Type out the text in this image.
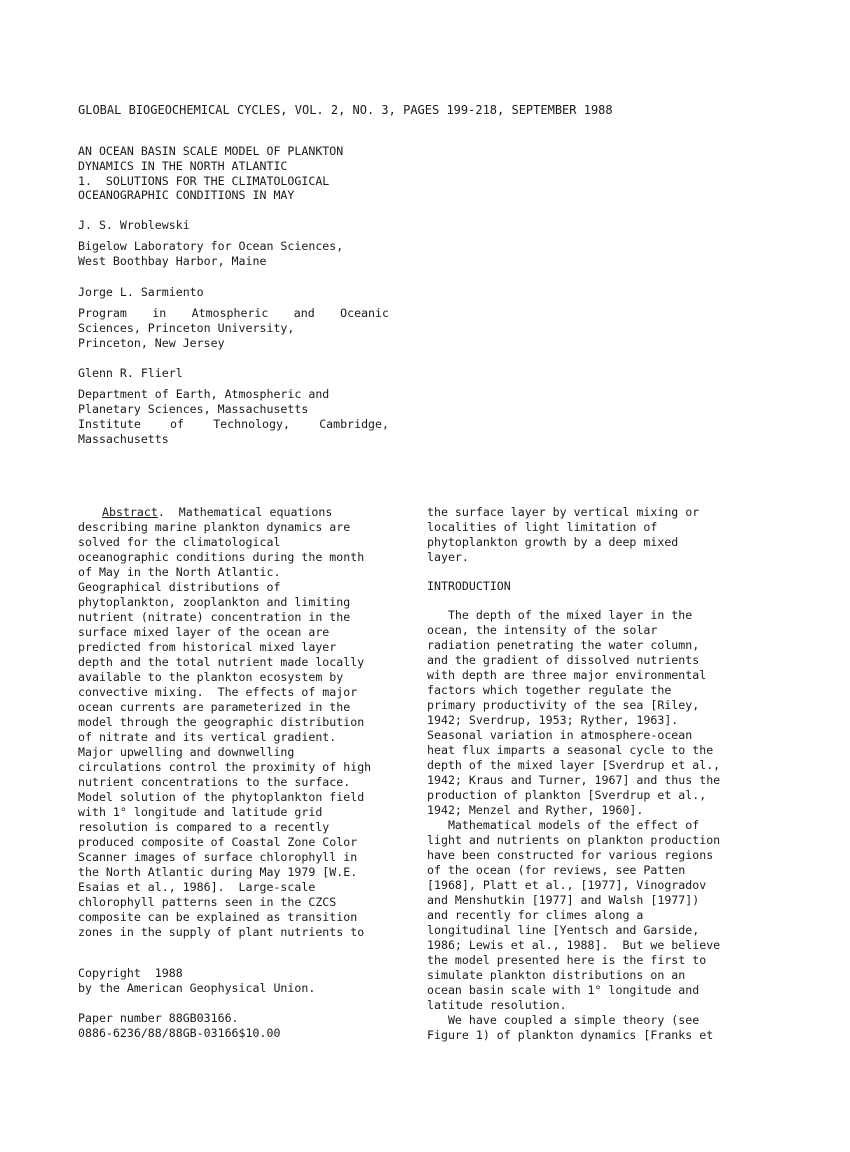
GLOBAL BIOGEOCHEMICAL CYCLES, VOL. 2, NO. 3, PAGES 199-218, SEPTEMBER 1988
AN OCEAN BASIN SCALE MODEL OF PLANKTON
DYNAMICS IN THE NORTH ATLANTIC
1.  SOLUTIONS FOR THE CLIMATOLOGICAL
OCEANOGRAPHIC CONDITIONS IN MAY
J. S. Wroblewski
Bigelow Laboratory for Ocean Sciences,
West Boothbay Harbor, Maine
Jorge L. Sarmiento
Program in Atmospheric and Oceanic
Sciences, Princeton University,
Princeton, New Jersey
Glenn R. Flierl
Department of Earth, Atmospheric and
Planetary Sciences, Massachusetts
Institute of Technology, Cambridge,
Massachusetts
Abstract.  Mathematical equations
describing marine plankton dynamics are
solved for the climatological
oceanographic conditions during the month
of May in the North Atlantic.
Geographical distributions of
phytoplankton, zooplankton and limiting
nutrient (nitrate) concentration in the
surface mixed layer of the ocean are
predicted from historical mixed layer
depth and the total nutrient made locally
available to the plankton ecosystem by
convective mixing.  The effects of major
ocean currents are parameterized in the
model through the geographic distribution
of nitrate and its vertical gradient.
Major upwelling and downwelling
circulations control the proximity of high
nutrient concentrations to the surface.
Model solution of the phytoplankton field
with 1° longitude and latitude grid
resolution is compared to a recently
produced composite of Coastal Zone Color
Scanner images of surface chlorophyll in
the North Atlantic during May 1979 [W.E.
Esaias et al., 1986].  Large-scale
chlorophyll patterns seen in the CZCS
composite can be explained as transition
zones in the supply of plant nutrients to
Copyright  1988
by the American Geophysical Union.
Paper number 88GB03166.
0886-6236/88/88GB-03166$10.00
the surface layer by vertical mixing or
localities of light limitation of
phytoplankton growth by a deep mixed
layer.
INTRODUCTION
The depth of the mixed layer in the
ocean, the intensity of the solar
radiation penetrating the water column,
and the gradient of dissolved nutrients
with depth are three major environmental
factors which together regulate the
primary productivity of the sea [Riley,
1942; Sverdrup, 1953; Ryther, 1963].
Seasonal variation in atmosphere-ocean
heat flux imparts a seasonal cycle to the
depth of the mixed layer [Sverdrup et al.,
1942; Kraus and Turner, 1967] and thus the
production of plankton [Sverdrup et al.,
1942; Menzel and Ryther, 1960].
Mathematical models of the effect of
light and nutrients on plankton production
have been constructed for various regions
of the ocean (for reviews, see Patten
[1968], Platt et al., [1977], Vinogradov
and Menshutkin [1977] and Walsh [1977])
and recently for climes along a
longitudinal line [Yentsch and Garside,
1986; Lewis et al., 1988].  But we believe
the model presented here is the first to
simulate plankton distributions on an
ocean basin scale with 1° longitude and
latitude resolution.
We have coupled a simple theory (see
Figure 1) of plankton dynamics [Franks et
